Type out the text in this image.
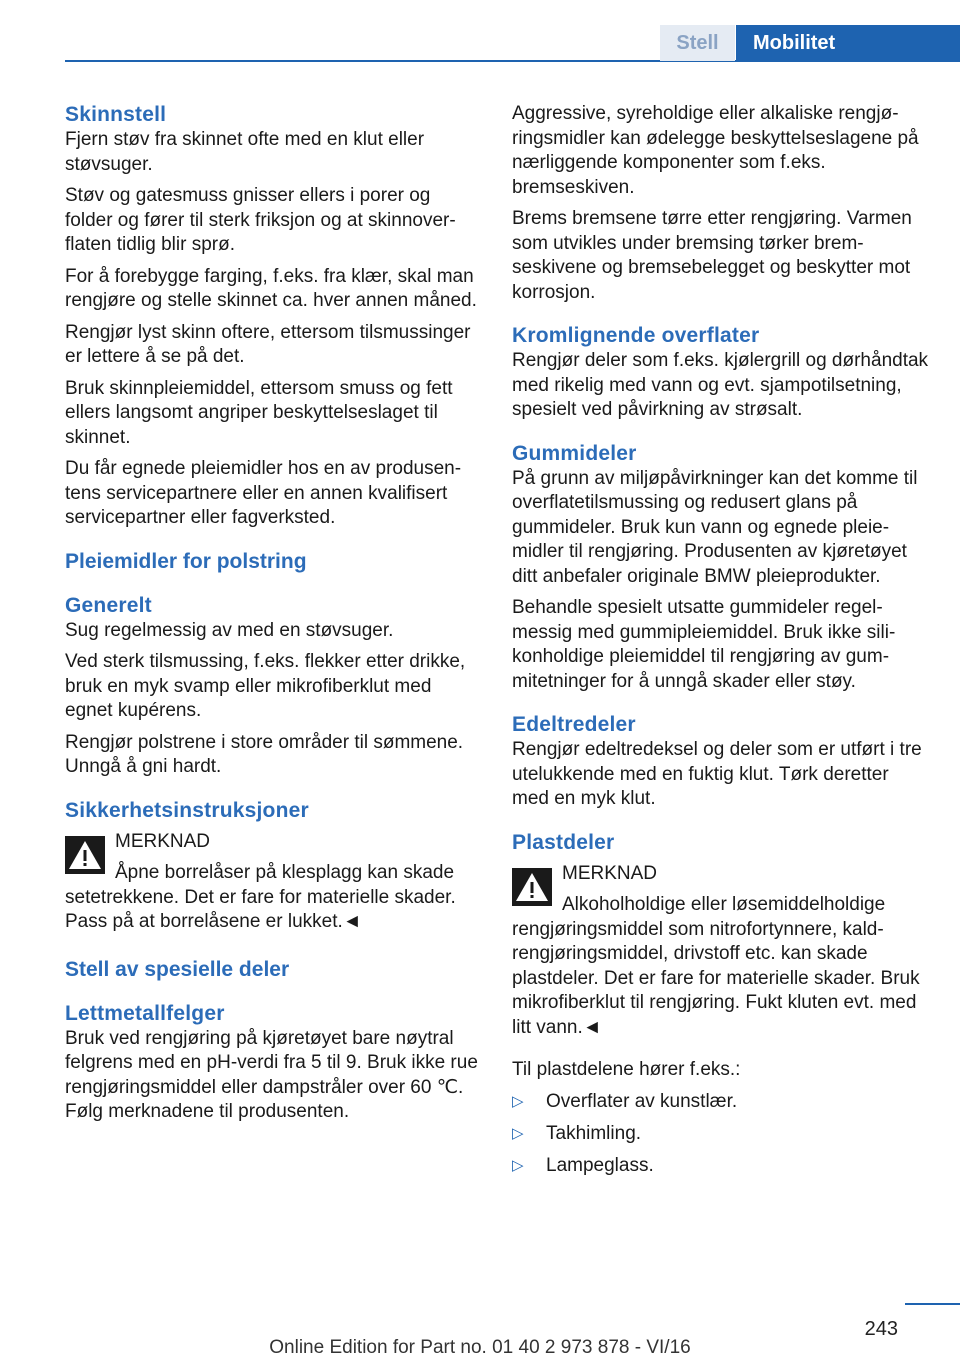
Stell	Mobilitet
Skinnstell

Fjern støv fra skinnet ofte med en klut eller støvsuger.

Støv og gatesmuss gnisser ellers i porer og folder og fører til sterk friksjon og at skinnoverflaten tidlig blir sprø.

For å forebygge farging, f.eks. fra klær, skal man rengjøre og stelle skinnet ca. hver annen måned.

Rengjør lyst skinn oftere, ettersom tilsmussinger er lettere å se på det.

Bruk skinnpleiemiddel, ettersom smuss og fett ellers langsomt angriper beskyttelseslaget til skinnet.

Du får egnede pleiemidler hos en av produsentens servicepartnere eller en annen kvalifisert servicepartner eller fagverksted.

Pleiemidler for polstring
Generelt

Sug regelmessig av med en støvsuger.

Ved sterk tilsmussing, f.eks. flekker etter drikke, bruk en myk svamp eller mikrofiberklut med egnet kupérens.

Rengjør polstrene i store områder til sømmene. Unngå å gni hardt.

Sikkerhetsinstruksjoner
MERKNAD

Åpne borrelåser på klesplagg kan skade setetrekkene. Det er fare for materielle skader. Pass på at borrelåsene er lukket.◄

Stell av spesielle deler
Lettmetallfelger

Bruk ved rengjøring på kjøretøyet bare nøytral felgrens med en pH-verdi fra 5 til 9. Bruk ikke rue rengjøringsmiddel eller dampstråler over 60 ℃. Følg merknadene til produsenten.

Aggressive, syreholdige eller alkaliske rengjøringsmidler kan ødelegge beskyttelseslagene på nærliggende komponenter som f.eks. bremseskiven.

Brems bremsene tørre etter rengjøring. Varmen som utvikles under bremsing tørker bremseskivene og bremsebelegget og beskytter mot korrosjon.

Kromlignende overflater

Rengjør deler som f.eks. kjølergrill og dørhåndtak med rikelig med vann og evt. sjampotilsetning, spesielt ved påvirkning av strøsalt.

Gummideler

På grunn av miljøpåvirkninger kan det komme til overflatetilsmussing og redusert glans på gummideler. Bruk kun vann og egnede pleiemidler til rengjøring. Produsenten av kjøretøyet ditt anbefaler originale BMW pleieprodukter.

Behandle spesielt utsatte gummideler regelmessig med gummipleiemiddel. Bruk ikke silikonholdige pleiemiddel til rengjøring av gummitetninger for å unngå skader eller støy.

Edeltredeler

Rengjør edeltredeksel og deler som er utført i tre utelukkende med en fuktig klut. Tørk deretter med en myk klut.

Plastdeler
MERKNAD

Alkoholholdige eller løsemiddelholdige rengjøringsmiddel som nitrofortynnere, kaldrengjøringsmiddel, drivstoff etc. kan skade plastdeler. Det er fare for materielle skader. Bruk mikrofiberklut til rengjøring. Fukt kluten evt. med litt vann.◄

Til plastdelene hører f.eks.:

▷ Overflater av kunstlær.
▷ Takhimling.
▷ Lampeglass.
243
Online Edition for Part no. 01 40 2 973 878 - VI/16
